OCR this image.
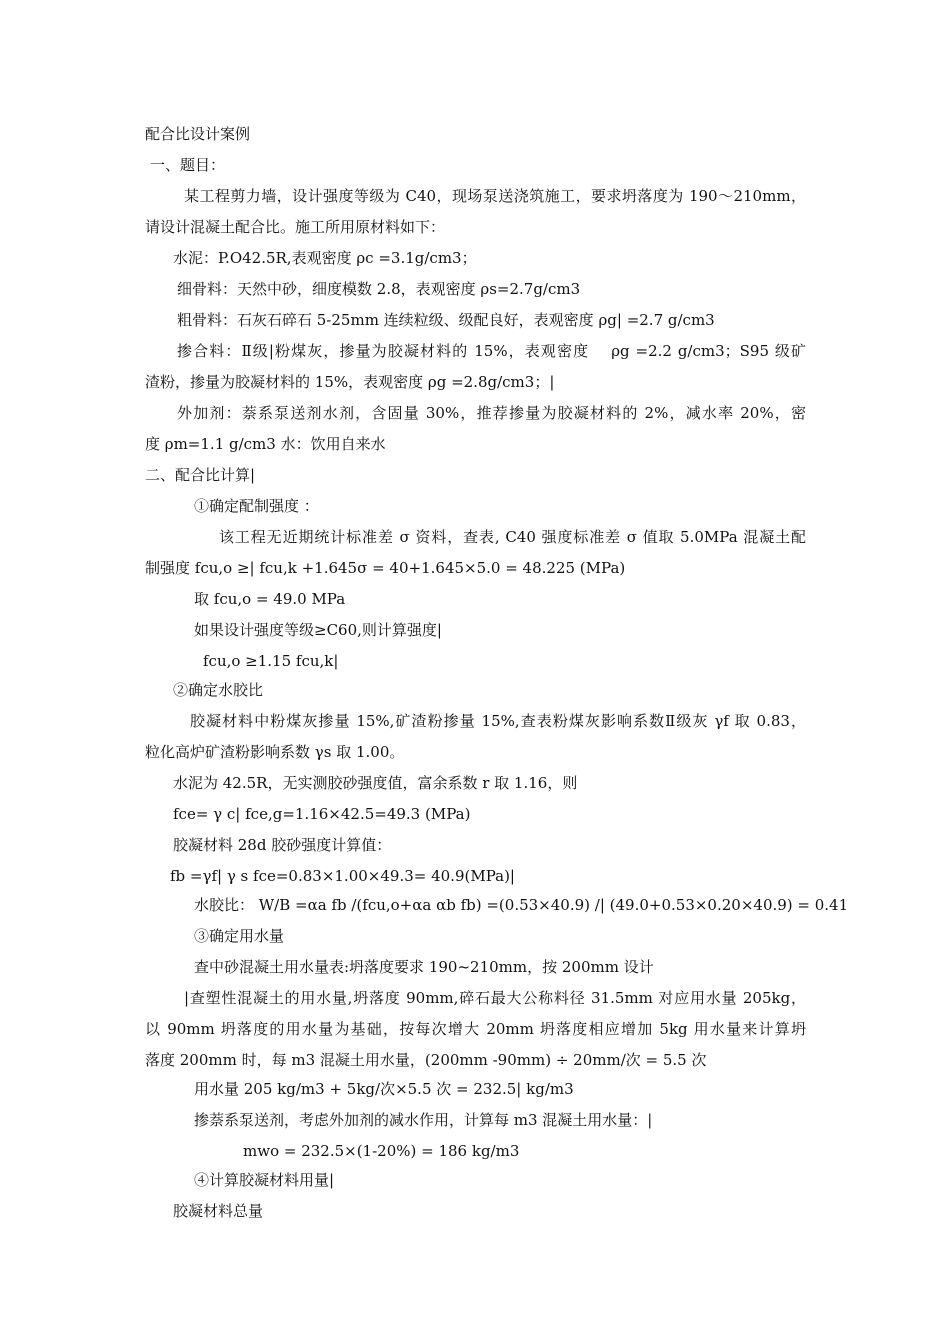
配合比设计案例
一、题目：
某工程剪力墙，设计强度等级为 C40，现场泵送浇筑施工，要求坍落度为 190～210mm，
请设计混凝土配合比。施工所用原材料如下：
水泥：P.O42.5R,表观密度 ρc =3.1g/cm3；
细骨料：天然中砂，细度模数 2.8，表观密度 ρs=2.7g/cm3
粗骨料：石灰石碎石 5-25mm 连续粒级、级配良好，表观密度 ρg| =2.7 g/cm3
掺合料：Ⅱ级|粉煤灰，掺量为胶凝材料的 15%，表观密度　 ρg =2.2 g/cm3；S95 级矿
渣粉，掺量为胶凝材料的 15%，表观密度 ρg =2.8g/cm3；|
外加剂：萘系泵送剂水剂，含固量 30%，推荐掺量为胶凝材料的 2%，减水率 20%，密
度 ρm=1.1 g/cm3 水：饮用自来水
二、配合比计算|
①确定配制强度 ：
该工程无近期统计标准差 σ 资料，查表, C40 强度标准差 σ 值取 5.0MPa 混凝土配
制强度 fcu,o ≥| fcu,k +1.645σ = 40+1.645×5.0 = 48.225 (MPa)
取 fcu,o = 49.0 MPa
如果设计强度等级≥C60,则计算强度|
fcu,o ≥1.15 fcu,k|
②确定水胶比
胶凝材料中粉煤灰掺量 15%,矿渣粉掺量 15%,查表粉煤灰影响系数Ⅱ级灰 γf 取 0.83，
粒化高炉矿渣粉影响系数 γs 取 1.00。
水泥为 42.5R，无实测胶砂强度值，富余系数 r 取 1.16，则
fce= γ c| fce,g=1.16×42.5=49.3 (MPa)
胶凝材料 28d 胶砂强度计算值：
fb =γf| γ s fce=0.83×1.00×49.3= 40.9(MPa)|
水胶比： W/B =αa fb /(fcu,o+αa αb fb) =(0.53×40.9) /| (49.0+0.53×0.20×40.9) = 0.41
③确定用水量
查中砂混凝土用水量表:坍落度要求 190~210mm，按 200mm 设计
|查塑性混凝土的用水量,坍落度 90mm,碎石最大公称料径 31.5mm 对应用水量 205kg，
以 90mm 坍落度的用水量为基础，按每次增大 20mm 坍落度相应增加 5kg 用水量来计算坍
落度 200mm 时，每 m3 混凝土用水量，(200mm -90mm) ÷ 20mm/次 = 5.5 次
用水量 205 kg/m3 + 5kg/次×5.5 次 = 232.5| kg/m3
掺萘系泵送剂，考虑外加剂的减水作用，计算每 m3 混凝土用水量：|
mwo = 232.5×(1-20%) = 186 kg/m3
④计算胶凝材料用量|
胶凝材料总量
